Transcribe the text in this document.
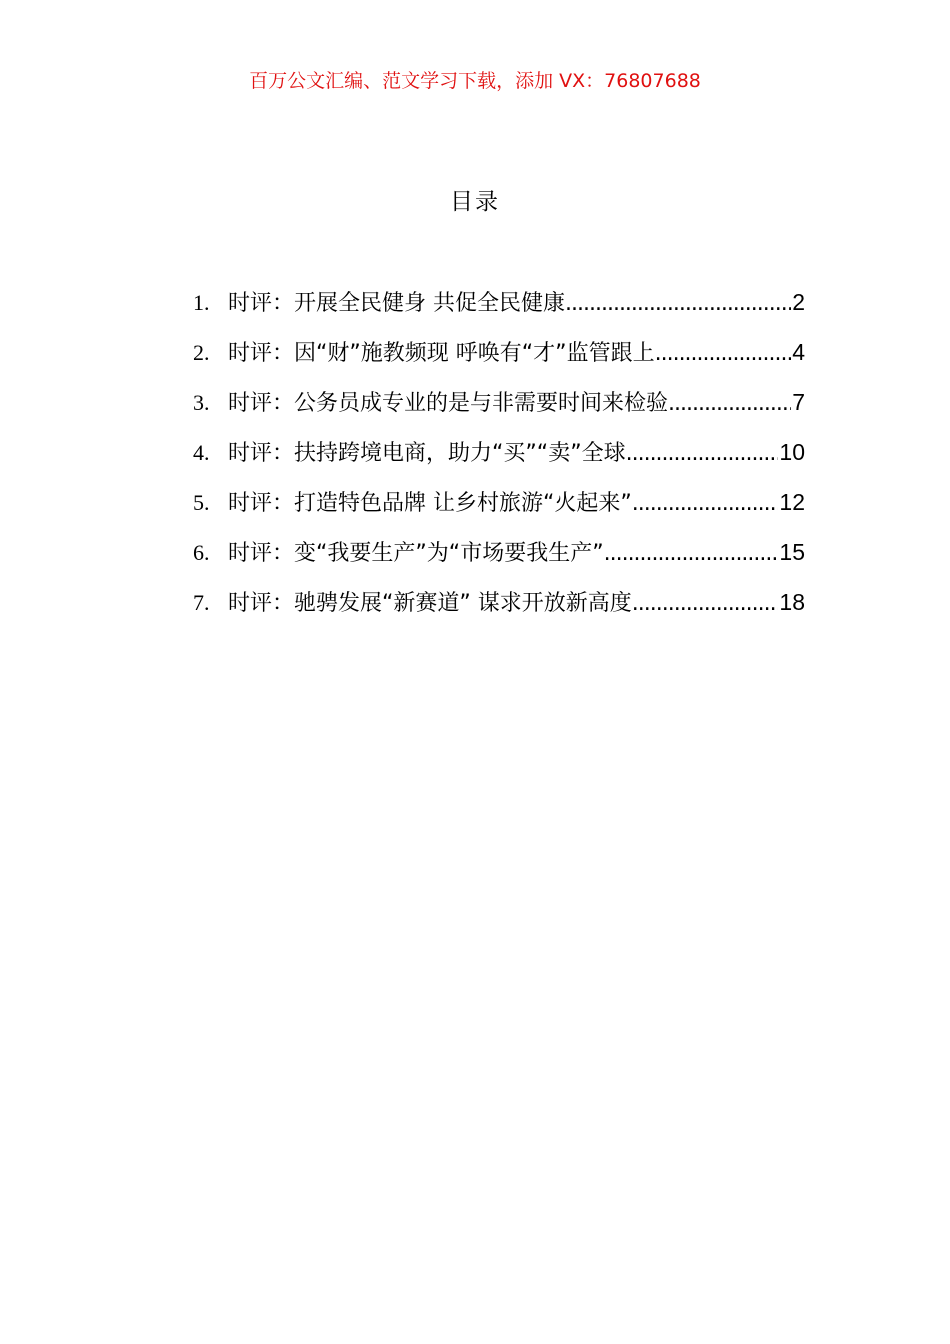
百万公文汇编、范文学习下载，添加 VX：76807688
目录
1. 时评：开展全民健身 共促全民健康 .....	2
2. 时评：因“财”施教频现 呼唤有“才”监管跟上 .....	4
3. 时评：公务员成专业的是与非需要时间来检验 .....	7
4. 时评：扶持跨境电商，助力“买”“卖”全球 .....	10
5. 时评：打造特色品牌 让乡村旅游“火起来” .....	12
6. 时评：变“我要生产”为“市场要我生产” .....	15
7. 时评：驰骋发展“新赛道” 谋求开放新高度 .....	18
